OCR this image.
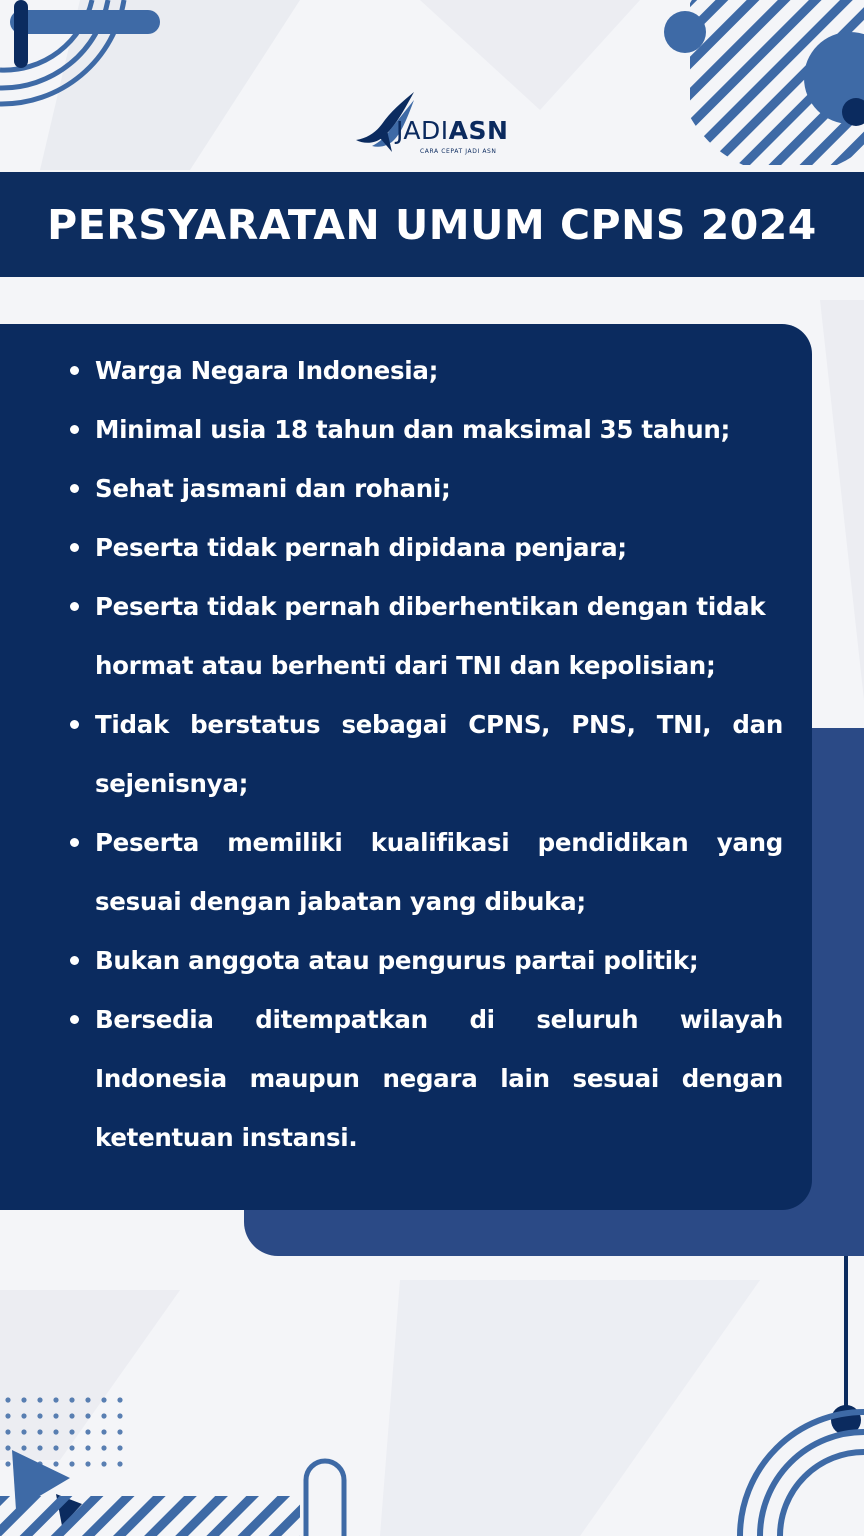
JADIASN
CARA CEPAT JADI ASN
PERSYARATAN UMUM CPNS 2024
Warga Negara Indonesia;
Minimal usia 18 tahun dan maksimal 35 tahun;
Sehat jasmani dan rohani;
Peserta tidak pernah dipidana penjara;
Peserta tidak pernah diberhentikan dengan tidak hormat atau berhenti dari TNI dan kepolisian;
Tidak berstatus sebagai CPNS, PNS, TNI, dan sejenisnya;
Peserta memiliki kualifikasi pendidikan yang sesuai dengan jabatan yang dibuka;
Bukan anggota atau pengurus partai politik;
Bersedia ditempatkan di seluruh wilayah Indonesia maupun negara lain sesuai dengan ketentuan instansi.
